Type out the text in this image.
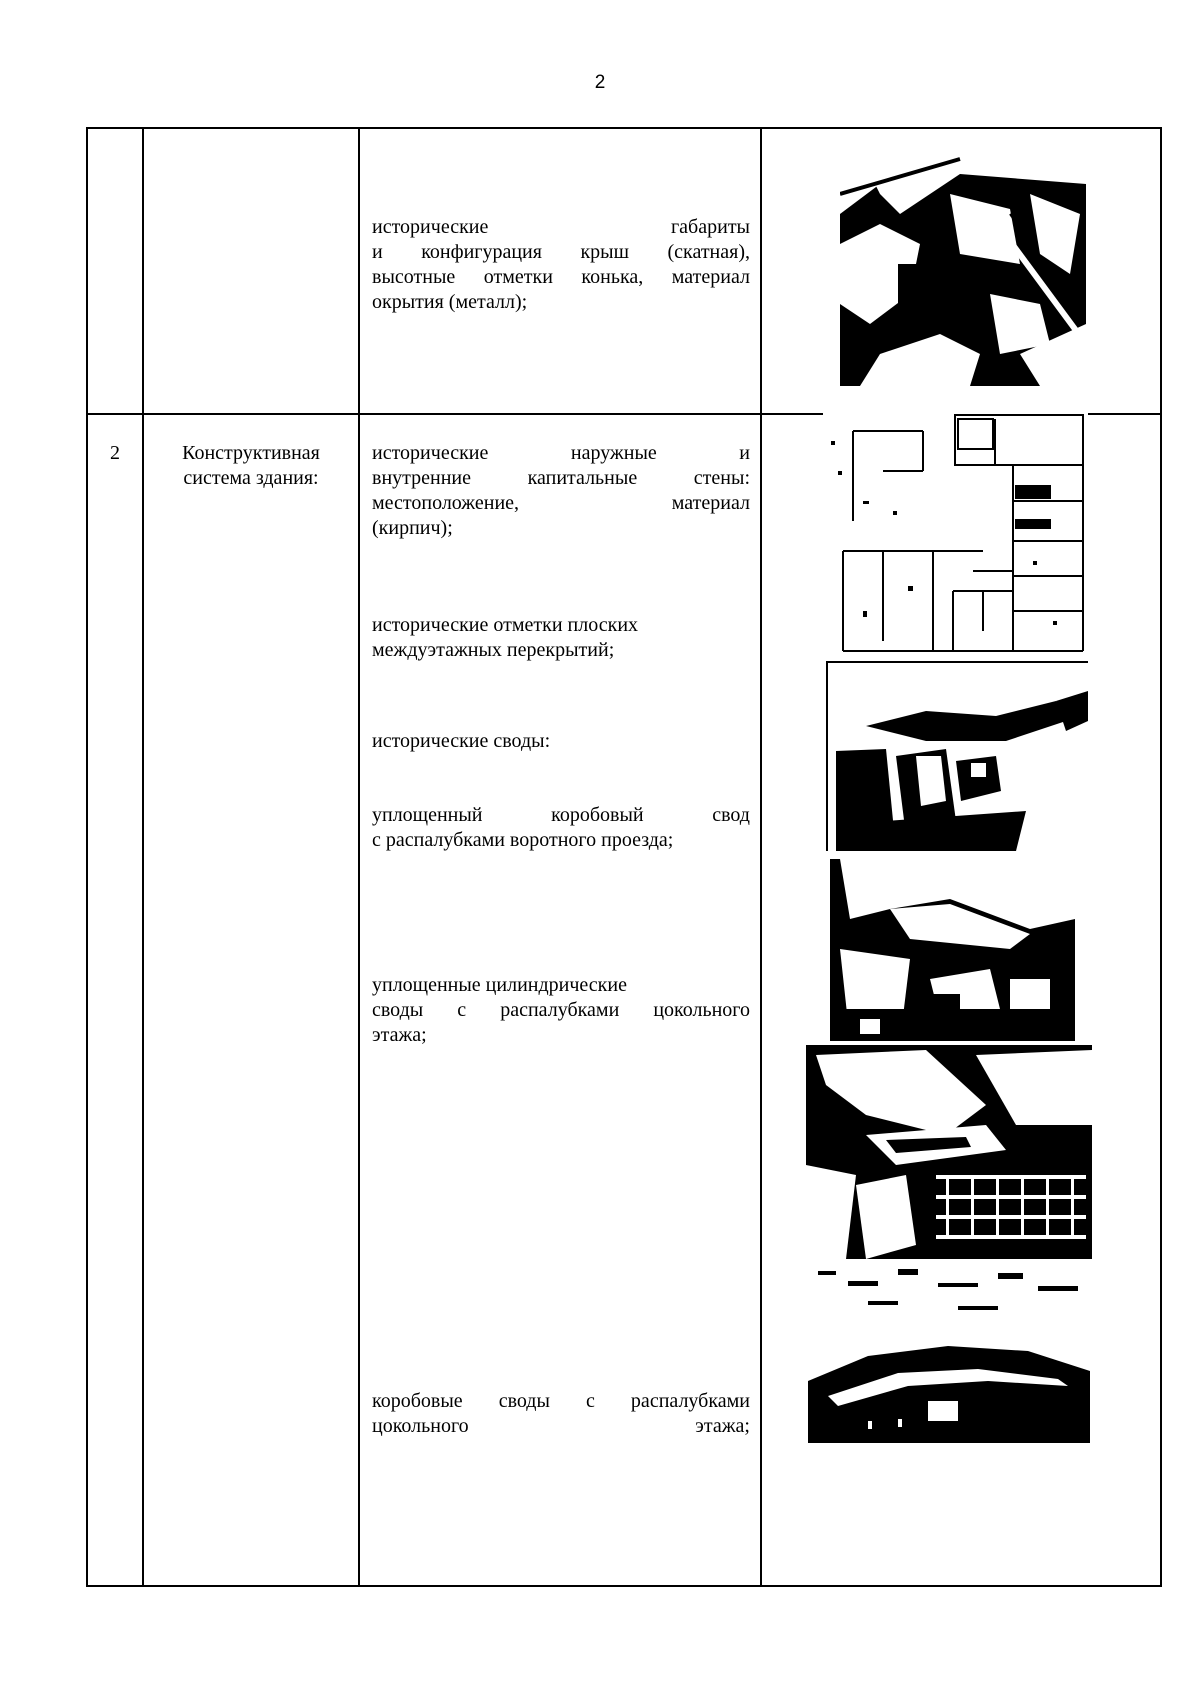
2
исторические габариты
и конфигурация крыш (скатная),
высотные отметки конька, материал
окрытия (металл);
2	Конструктивная
система здания:
исторические наружные и
внутренние капитальные стены:
местоположение, материал
(кирпич);
исторические отметки плоских
междуэтажных перекрытий;
исторические своды:
уплощенный коробовый свод
с распалубками воротного проезда;
уплощенные цилиндрические
своды с распалубками цокольного
этажа;
коробовые своды с распалубками
цокольного этажа;
